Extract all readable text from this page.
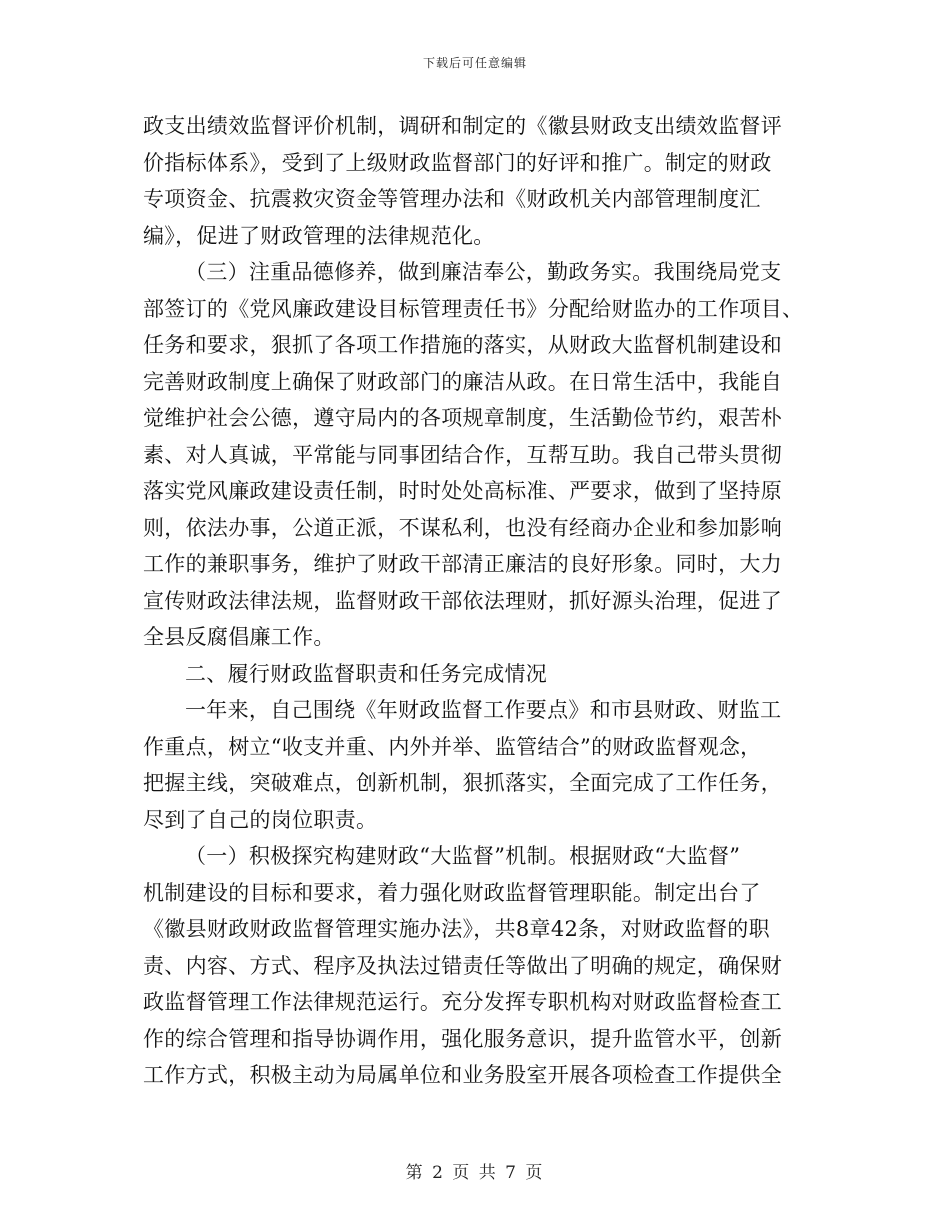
下载后可任意编辑
政支出绩效监督评价机制，调研和制定的《徽县财政支出绩效监督评
价指标体系》，受到了上级财政监督部门的好评和推广。制定的财政
专项资金、抗震救灾资金等管理办法和《财政机关内部管理制度汇
编》，促进了财政管理的法律规范化。
（三）注重品德修养，做到廉洁奉公，勤政务实。我围绕局党支
部签订的《党风廉政建设目标管理责任书》分配给财监办的工作项目、
任务和要求，狠抓了各项工作措施的落实，从财政大监督机制建设和
完善财政制度上确保了财政部门的廉洁从政。在日常生活中，我能自
觉维护社会公德，遵守局内的各项规章制度，生活勤俭节约，艰苦朴
素、对人真诚，平常能与同事团结合作，互帮互助。我自己带头贯彻
落实党风廉政建设责任制，时时处处高标准、严要求，做到了坚持原
则，依法办事，公道正派，不谋私利，也没有经商办企业和参加影响
工作的兼职事务，维护了财政干部清正廉洁的良好形象。同时，大力
宣传财政法律法规，监督财政干部依法理财，抓好源头治理，促进了
全县反腐倡廉工作。
二、履行财政监督职责和任务完成情况
一年来，自己围绕《年财政监督工作要点》和市县财政、财监工
作重点，树立“收支并重、内外并举、监管结合”的财政监督观念，
把握主线，突破难点，创新机制，狠抓落实，全面完成了工作任务，
尽到了自己的岗位职责。
（一）积极探究构建财政“大监督”机制。根据财政“大监督”
机制建设的目标和要求，着力强化财政监督管理职能。制定出台了
《徽县财政财政监督管理实施办法》，共8章42条，对财政监督的职
责、内容、方式、程序及执法过错责任等做出了明确的规定，确保财
政监督管理工作法律规范运行。充分发挥专职机构对财政监督检查工
作的综合管理和指导协调作用，强化服务意识，提升监管水平，创新
工作方式，积极主动为局属单位和业务股室开展各项检查工作提供全
第 2 页 共 7 页
